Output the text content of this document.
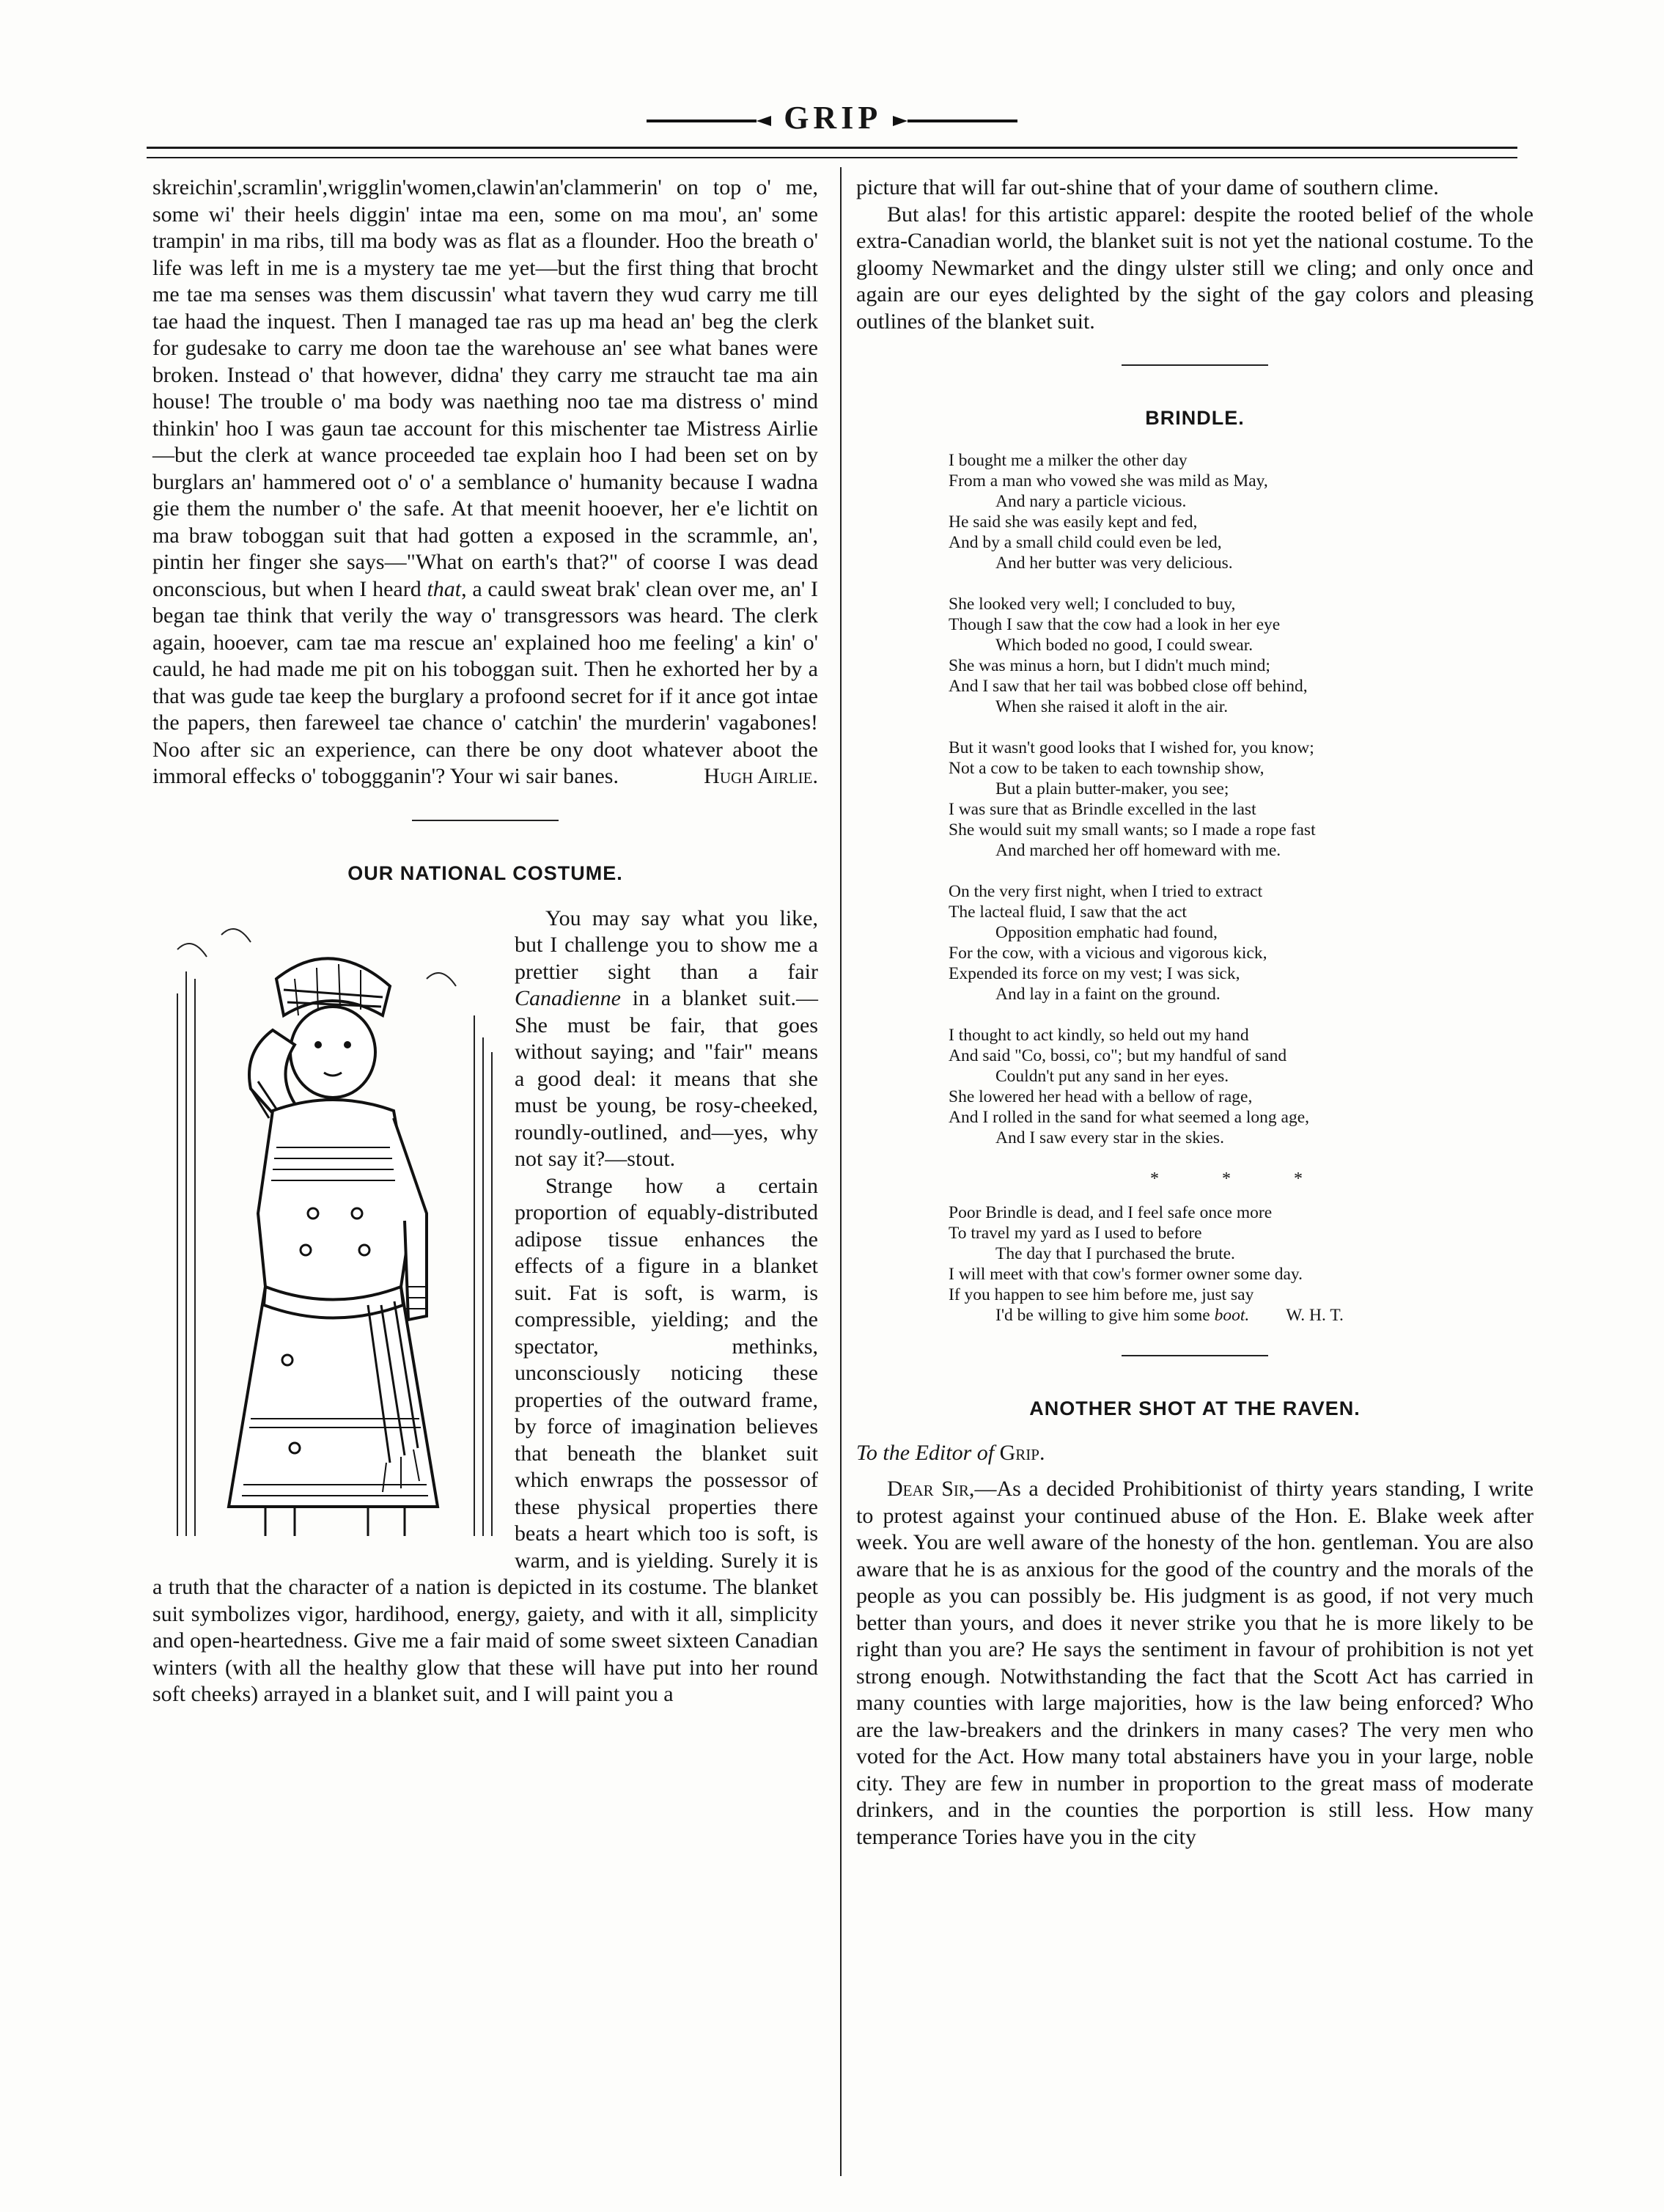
GRIP

skreichin',scramlin',wrigglin'women,clawin'an'clammerin' on top o' me, some wi' their heels diggin' intae ma een, some on ma mou', an' some trampin' in ma ribs, till ma body was as flat as a flounder. Hoo the breath o' life was left in me is a mystery tae me yet—but the first thing that brocht me tae ma senses was them discussin' what tavern they wud carry me till tae haad the inquest. Then I managed tae ras up ma head an' beg the clerk for gudesake to carry me doon tae the warehouse an' see what banes were broken. Instead o' that however, didna' they carry me straucht tae ma ain house! The trouble o' ma body was naething noo tae ma distress o' mind thinkin' hoo I was gaun tae account for this mischenter tae Mistress Airlie—but the clerk at wance proceeded tae explain hoo I had been set on by burglars an' hammered oot o' o' a semblance o' humanity because I wadna gie them the number o' the safe. At that meenit hooever, her e'e lichtit on ma braw toboggan suit that had gotten a exposed in the scrammle, an', pintin her finger she says—"What on earth's that?" of coorse I was dead onconscious, but when I heard that, a cauld sweat brak' clean over me, an' I began tae think that verily the way o' transgressors was heard. The clerk again, hooever, cam tae ma rescue an' explained hoo me feeling' a kin' o' cauld, he had made me pit on his toboggan suit. Then he exhorted her by a that was gude tae keep the burglary a profoond secret for if it ance got intae the papers, then fareweel tae chance o' catchin' the murderin' vagabones! Noo after sic an experience, can there be ony doot whatever aboot the immoral effecks o' toboggganin'? Your wi sair banes.	Hugh Airlie.

OUR NATIONAL COSTUME.

You may say what you like, but I challenge you to show me a prettier sight than a fair Canadienne in a blanket suit.—She must be fair, that goes without saying; and "fair" means a good deal: it means that she must be young, be rosy-cheeked, roundly-outlined, and—yes, why not say it?—stout.

Strange how a certain proportion of equably-distributed adipose tissue enhances the effects of a figure in a blanket suit. Fat is soft, is warm, is compressible, yielding; and the spectator, methinks, unconsciously noticing these properties of the outward frame, by force of imagination believes that beneath the blanket suit which enwraps the possessor of these physical properties there beats a heart which too is soft, is warm, and is yielding. Surely it is a truth that the character of a nation is depicted in its costume. The blanket suit symbolizes vigor, hardihood, energy, gaiety, and with it all, simplicity and open-heartedness. Give me a fair maid of some sweet sixteen Canadian winters (with all the healthy glow that these will have put into her round soft cheeks) arrayed in a blanket suit, and I will paint you a

picture that will far out-shine that of your dame of southern clime.

But alas! for this artistic apparel: despite the rooted belief of the whole extra-Canadian world, the blanket suit is not yet the national costume. To the gloomy Newmarket and the dingy ulster still we cling; and only once and again are our eyes delighted by the sight of the gay colors and pleasing outlines of the blanket suit.

BRINDLE.
I bought me a milker the other day
From a man who vowed she was mild as May,
And nary a particle vicious.
He said she was easily kept and fed,
And by a small child could even be led,
And her butter was very delicious.
She looked very well; I concluded to buy,
Though I saw that the cow had a look in her eye
Which boded no good, I could swear.
She was minus a horn, but I didn't much mind;
And I saw that her tail was bobbed close off behind,
When she raised it aloft in the air.
But it wasn't good looks that I wished for, you know;
Not a cow to be taken to each township show,
But a plain butter-maker, you see;
I was sure that as Brindle excelled in the last
She would suit my small wants; so I made a rope fast
And marched her off homeward with me.
On the very first night, when I tried to extract
The lacteal fluid, I saw that the act
Opposition emphatic had found,
For the cow, with a vicious and vigorous kick,
Expended its force on my vest; I was sick,
And lay in a faint on the ground.
I thought to act kindly, so held out my hand
And said "Co, bossi, co"; but my handful of sand
Couldn't put any sand in her eyes.
She lowered her head with a bellow of rage,
And I rolled in the sand for what seemed a long age,
And I saw every star in the skies.
* * *
Poor Brindle is dead, and I feel safe once more
To travel my yard as I used to before
The day that I purchased the brute.
I will meet with that cow's former owner some day.
If you happen to see him before me, just say
I'd be willing to give him some boot. W. H. T.
ANOTHER SHOT AT THE RAVEN.
To the Editor of Grip.

Dear Sir,—As a decided Prohibitionist of thirty years standing, I write to protest against your continued abuse of the Hon. E. Blake week after week. You are well aware of the honesty of the hon. gentleman. You are also aware that he is as anxious for the good of the country and the morals of the people as you can possibly be. His judgment is as good, if not very much better than yours, and does it never strike you that he is more likely to be right than you are? He says the sentiment in favour of prohibition is not yet strong enough. Notwithstanding the fact that the Scott Act has carried in many counties with large majorities, how is the law being enforced? Who are the law-breakers and the drinkers in many cases? The very men who voted for the Act. How many total abstainers have you in your large, noble city. They are few in number in proportion to the great mass of moderate drinkers, and in the counties the porportion is still less. How many temperance Tories have you in the city
